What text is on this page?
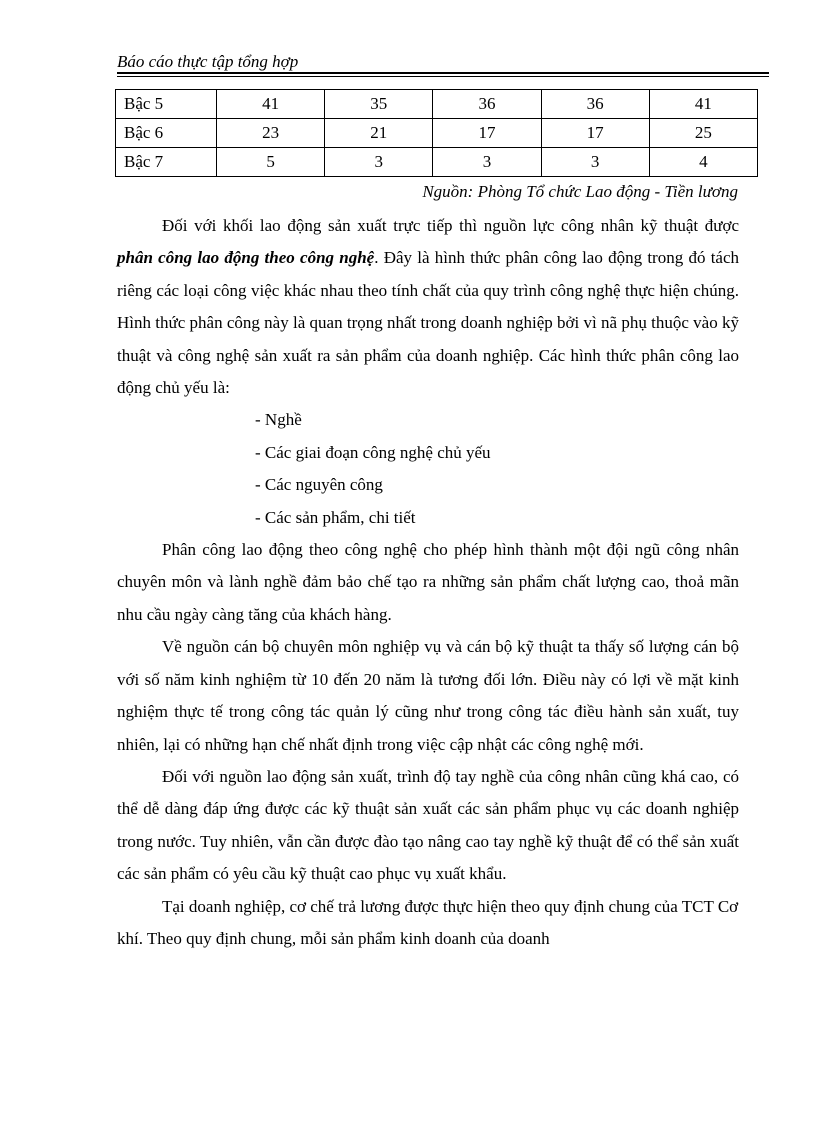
Báo cáo thực tập tổng hợp
Bậc 5	41	35	36	36	41
Bậc 6	23	21	17	17	25
Bậc 7	5	3	3	3	4
Nguồn: Phòng Tổ chức Lao động - Tiền lương

Đối với khối lao động sản xuất trực tiếp thì nguồn lực công nhân kỹ thuật được phân công lao động theo công nghệ. Đây là hình thức phân công lao động trong đó tách riêng các loại công việc khác nhau theo tính chất của quy trình công nghệ thực hiện chúng. Hình thức phân công này là quan trọng nhất trong doanh nghiệp bởi vì nã phụ thuộc vào kỹ thuật và công nghệ sản xuất ra sản phẩm của doanh nghiệp. Các hình thức phân công lao động chủ yếu là:

- Nghề
- Các giai đoạn công nghệ chủ yếu
- Các nguyên công
- Các sản phẩm, chi tiết

Phân công lao động theo công nghệ cho phép hình thành một đội ngũ công nhân chuyên môn và lành nghề đảm bảo chế tạo ra những sản phẩm chất lượng cao, thoả mãn nhu cầu ngày càng tăng của khách hàng.

Về nguồn cán bộ chuyên môn nghiệp vụ và cán bộ kỹ thuật ta thấy số lượng cán bộ với số năm kinh nghiệm từ 10 đến 20 năm là tương đối lớn. Điều này có lợi về mặt kinh nghiệm thực tế trong công tác quản lý cũng như trong công tác điều hành sản xuất, tuy nhiên, lại có những hạn chế nhất định trong việc cập nhật các công nghệ mới.

Đối với nguồn lao động sản xuất, trình độ tay nghề của công nhân cũng khá cao, có thể dễ dàng đáp ứng được các kỹ thuật sản xuất các sản phẩm phục vụ các doanh nghiệp trong nước. Tuy nhiên, vẫn cần được đào tạo nâng cao tay nghề kỹ thuật để có thể sản xuất các sản phẩm có yêu cầu kỹ thuật cao phục vụ xuất khẩu.

Tại doanh nghiệp, cơ chế trả lương được thực hiện theo quy định chung của TCT Cơ khí. Theo quy định chung, mỗi sản phẩm kinh doanh của doanh
